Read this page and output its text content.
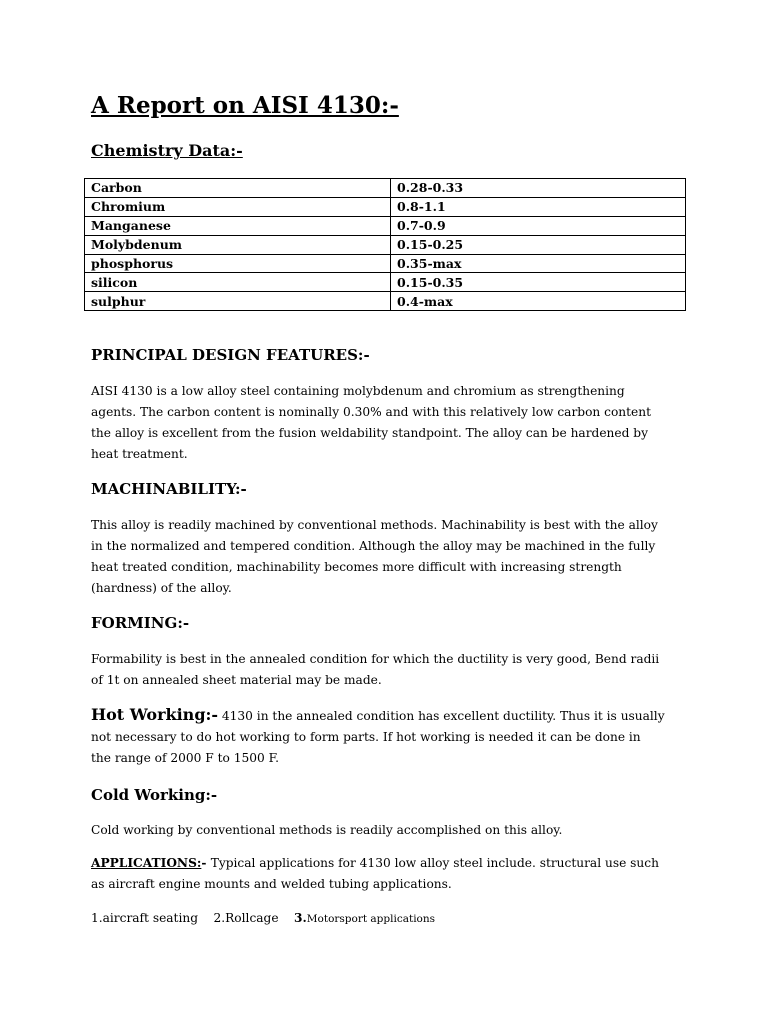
A Report on AISI 4130:-
Chemistry Data:-
Carbon	0.28-0.33
Chromium	0.8-1.1
Manganese	0.7-0.9
Molybdenum	0.15-0.25
phosphorus	0.35-max
silicon	0.15-0.35
sulphur	0.4-max
PRINCIPAL DESIGN FEATURES:-

AISI 4130 is a low alloy steel containing molybdenum and chromium as strengthening
agents. The carbon content is nominally 0.30% and with this relatively low carbon content
the alloy is excellent from the fusion weldability standpoint. The alloy can be hardened by
heat treatment.

MACHINABILITY:-

This alloy is readily machined by conventional methods. Machinability is best with the alloy
in the normalized and tempered condition. Although the alloy may be machined in the fully
heat treated condition, machinability becomes more difficult with increasing strength
(hardness) of the alloy.

FORMING:-

Formability is best in the annealed condition for which the ductility is very good, Bend radii
of 1t on annealed sheet material may be made.

Hot Working:- 4130 in the annealed condition has excellent ductility. Thus it is usually
not necessary to do hot working to form parts. If hot working is needed it can be done in
the range of 2000 F to 1500 F.

Cold Working:-

Cold working by conventional methods is readily accomplished on this alloy.

APPLICATIONS:- Typical applications for 4130 low alloy steel include. structural use such
as aircraft engine mounts and welded tubing applications.

1.aircraft seating 2.Rollcage 3.Motorsport applications
